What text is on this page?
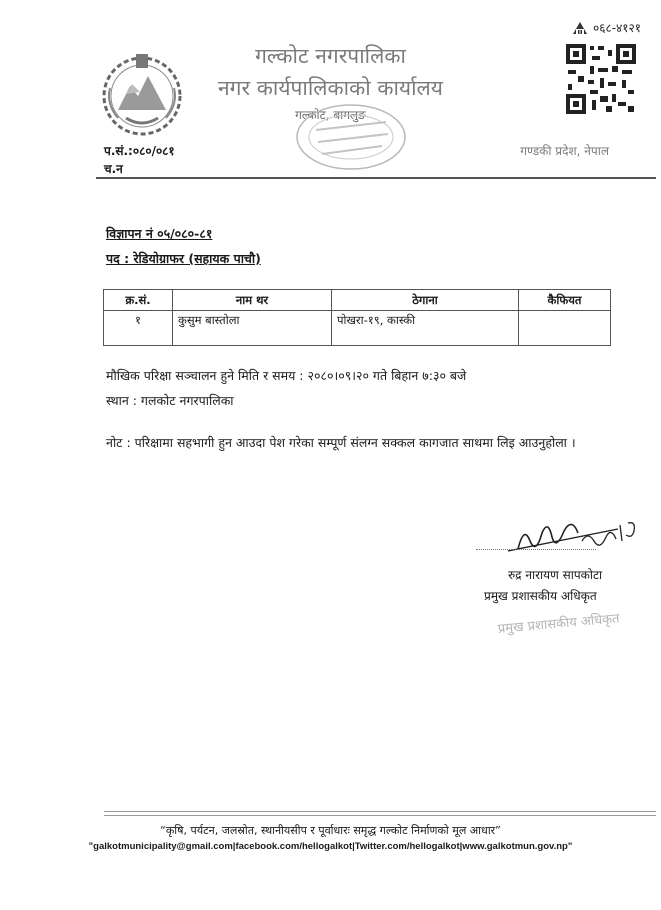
गल्कोट नगरपालिका
नगर कार्यपालिकाको कार्यालय
गल्कोट, बागलुङ
०६८-४१२१
प.सं.:०८०/०८१
च.न
गण्डकी प्रदेश, नेपाल
विज्ञापन नं ०५/०८०-८१
पद : रेडियोग्राफर (सहायक पाचौ)
क्र.सं.	नाम थर	ठेगाना	कैफियत
१	कुसुम बास्तोला	पोखरा-१९, कास्की	
मौखिक परिक्षा सञ्चालन हुने मिति र समय : २०८०।०९।२० गते बिहान ७:३० बजे
स्थान : गलकोट नगरपालिका
नोट : परिक्षामा सहभागी हुन आउदा पेश गरेका सम्पूर्ण संलग्न सक्कल कागजात साथमा लिइ आउनुहोला ।
रुद्र नारायण सापकोटा
प्रमुख प्रशासकीय अधिकृत
प्रमुख प्रशासकीय अधिकृत
“कृषि, पर्यटन, जलस्रोत, स्थानीयसीप र पूर्वाधारः समृद्ध गल्कोट निर्माणको मूल आधार”
"galkotmunicipality@gmail.com|facebook.com/hellogalkot|Twitter.com/hellogalkot|www.galkotmun.gov.np"
